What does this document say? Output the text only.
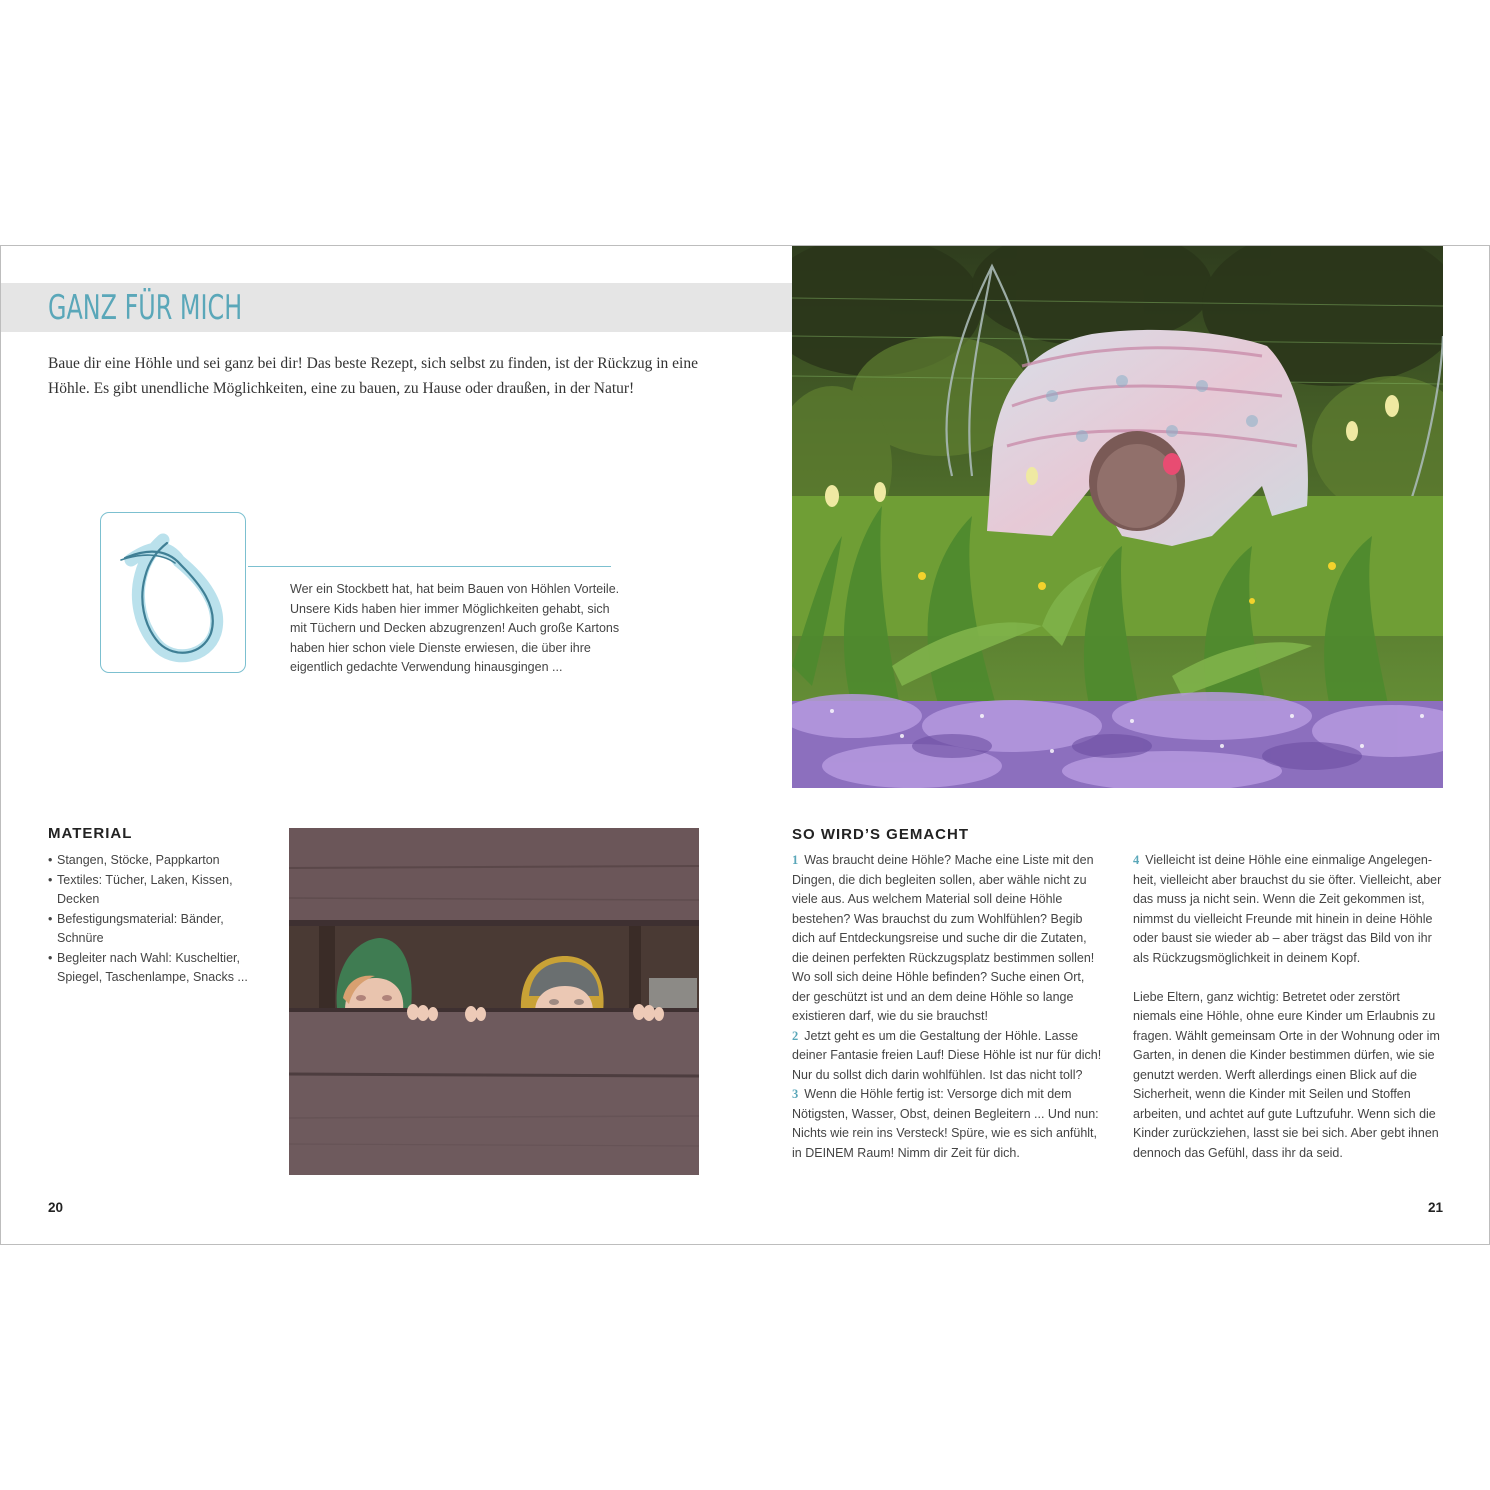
GANZ FÜR MICH

Baue dir eine Höhle und sei ganz bei dir! Das beste Rezept, sich selbst zu finden, ist der Rückzug in eine Höhle. Es gibt unendliche Möglichkeiten, eine zu bauen, zu Hause oder draußen, in der Natur!

Wer ein Stockbett hat, hat beim Bauen von Höhlen Vorteile. Unsere Kids haben hier immer Möglichkeiten gehabt, sich mit Tüchern und Decken abzugrenzen! Auch große Kartons haben hier schon viele Dienste erwiesen, die über ihre eigentlich gedachte Verwendung hinausgingen ...

MATERIAL
• Stangen, Stöcke, Pappkarton
• Textiles: Tücher, Laken, Kissen, Decken
• Befestigungsmaterial: Bänder, Schnüre
• Begleiter nach Wahl: Kuscheltier, Spiegel, Taschenlampe, Snacks ...
20
SO WIRD’S GEMACHT

1 Was braucht deine Höhle? Mache eine Liste mit den Dingen, die dich begleiten sollen, aber wähle nicht zu viele aus. Aus welchem Material soll deine Höhle bestehen? Was brauchst du zum Wohlfühlen? Begib dich auf Entdeckungsreise und suche dir die Zutaten, die deinen perfekten Rückzugsplatz bestimmen sollen! Wo soll sich deine Höhle befinden? Suche einen Ort, der geschützt ist und an dem deine Höhle so lange existieren darf, wie du sie brauchst!

2 Jetzt geht es um die Gestaltung der Höhle. Lasse deiner Fantasie freien Lauf! Diese Höhle ist nur für dich! Nur du sollst dich darin wohlfühlen. Ist das nicht toll?

3 Wenn die Höhle fertig ist: Versorge dich mit dem Nötigsten, Wasser, Obst, deinen Begleitern ... Und nun: Nichts wie rein ins Versteck! Spüre, wie es sich anfühlt, in DEINEM Raum! Nimm dir Zeit für dich.

4 Vielleicht ist deine Höhle eine einmalige Angelegenheit, vielleicht aber brauchst du sie öfter. Vielleicht, aber das muss ja nicht sein. Wenn die Zeit gekommen ist, nimmst du vielleicht Freunde mit hinein in deine Höhle oder baust sie wieder ab – aber trägst das Bild von ihr als Rückzugsmöglichkeit in deinem Kopf.

Liebe Eltern, ganz wichtig: Betretet oder zerstört niemals eine Höhle, ohne eure Kinder um Erlaubnis zu fragen. Wählt gemeinsam Orte in der Wohnung oder im Garten, in denen die Kinder bestimmen dürfen, wie sie genutzt werden. Werft allerdings einen Blick auf die Sicherheit, wenn die Kinder mit Seilen und Stoffen arbeiten, und achtet auf gute Luftzufuhr. Wenn sich die Kinder zurückziehen, lasst sie bei sich. Aber gebt ihnen dennoch das Gefühl, dass ihr da seid.

21
